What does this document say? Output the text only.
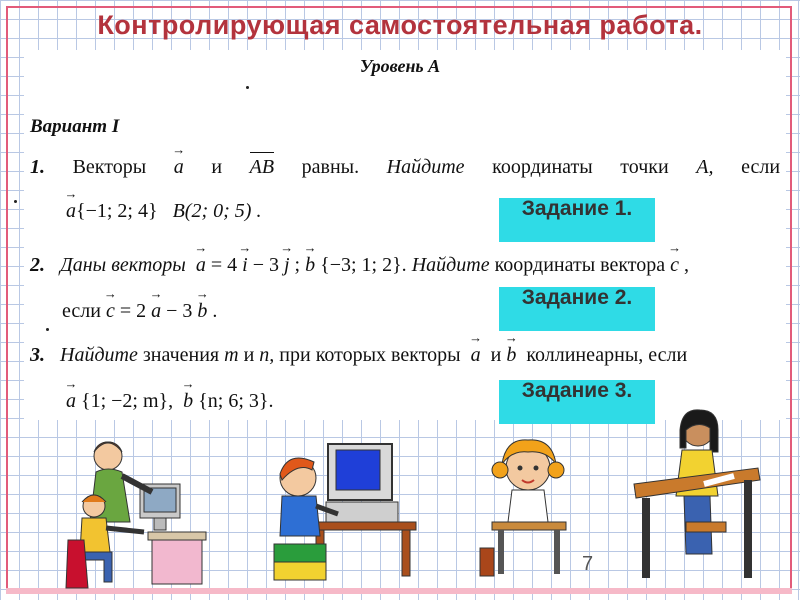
Контролирующая самостоятельная работа.
Уровень А
Вариант I
1. Векторы → a и AB равны. Найдите координаты точки A, если
→ a{−1; 2; 4} B(2; 0; 5) .
2. Даны векторы → a = 4 → i − 3 → j ; → b {−3; 1; 2}. Найдите координаты вектора → c ,
если → c = 2 → a − 3 → b .
3. Найдите значения m и n, при которых векторы → a и → b коллинеарны, если
→ a {1; −2; m}, → b {n; 6; 3}.
Задание 1.
Задание 2.
Задание 3.
7
